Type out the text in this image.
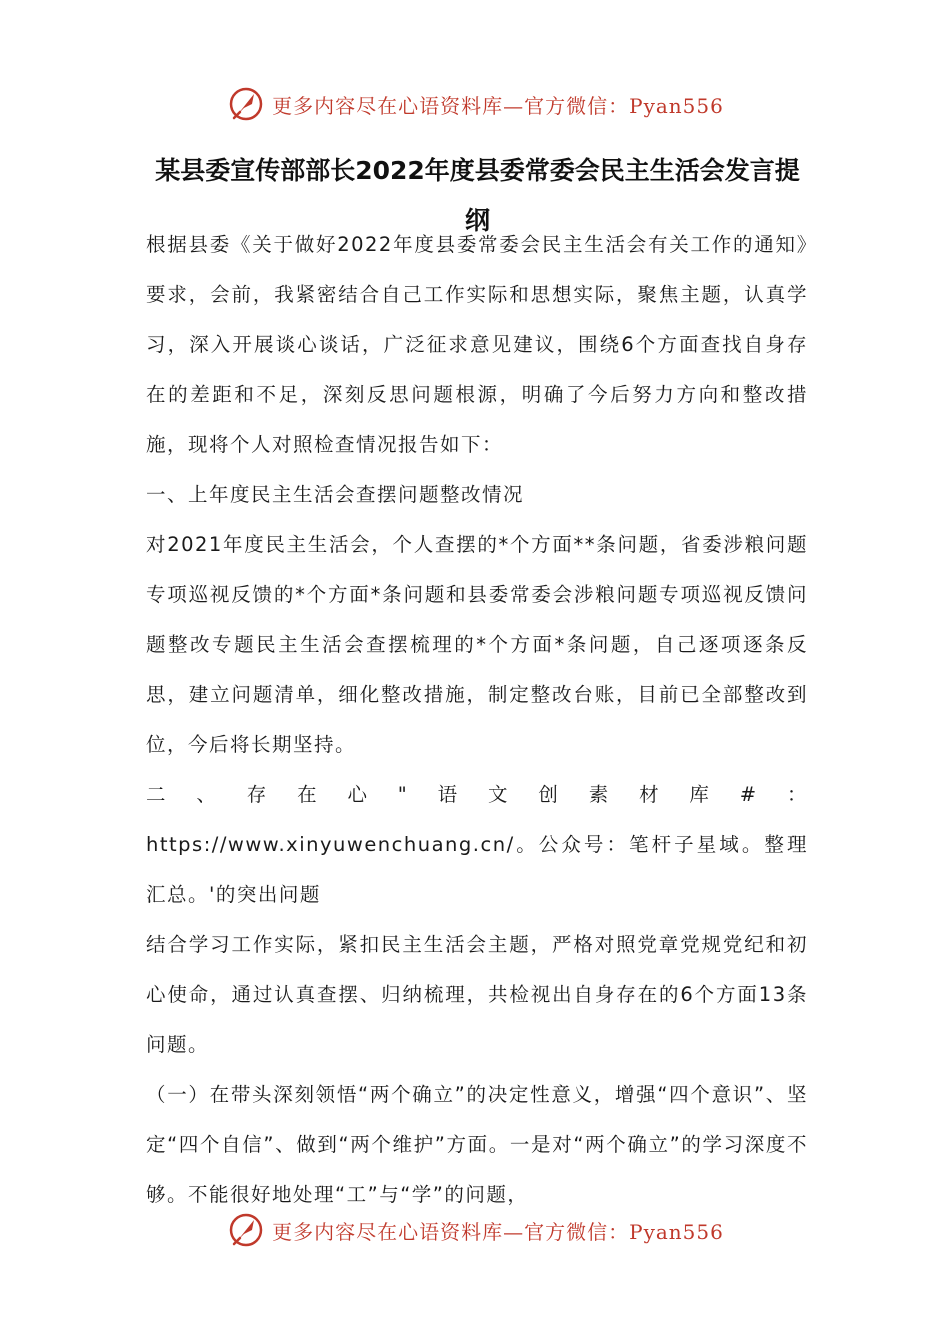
更多内容尽在心语资料库—官方微信：Pyan556
某县委宣传部部长2022年度县委常委会民主生活会发言提纲

根据县委《关于做好2022年度县委常委会民主生活会有关工作的通知》要求，会前，我紧密结合自己工作实际和思想实际，聚焦主题，认真学习，深入开展谈心谈话，广泛征求意见建议，围绕6个方面查找自身存在的差距和不足，深刻反思问题根源，明确了今后努力方向和整改措施，现将个人对照检查情况报告如下：

一、上年度民主生活会查摆问题整改情况

对2021年度民主生活会，个人查摆的*个方面**条问题，省委涉粮问题专项巡视反馈的*个方面*条问题和县委常委会涉粮问题专项巡视反馈问题整改专题民主生活会查摆梳理的*个方面*条问题，自己逐项逐条反思，建立问题清单，细化整改措施，制定整改台账，目前已全部整改到位，今后将长期坚持。

二、存在心"语文创素材库#：https://www.xinyuwenchuang.cn/。公众号：笔杆子星域。整理汇总。'的突出问题

结合学习工作实际，紧扣民主生活会主题，严格对照党章党规党纪和初心使命，通过认真查摆、归纳梳理，共检视出自身存在的6个方面13条问题。

（一）在带头深刻领悟“两个确立”的决定性意义，增强“四个意识”、坚定“四个自信”、做到“两个维护”方面。一是对“两个确立”的学习深度不够。不能很好地处理“工”与“学”的问题，

更多内容尽在心语资料库—官方微信：Pyan556
